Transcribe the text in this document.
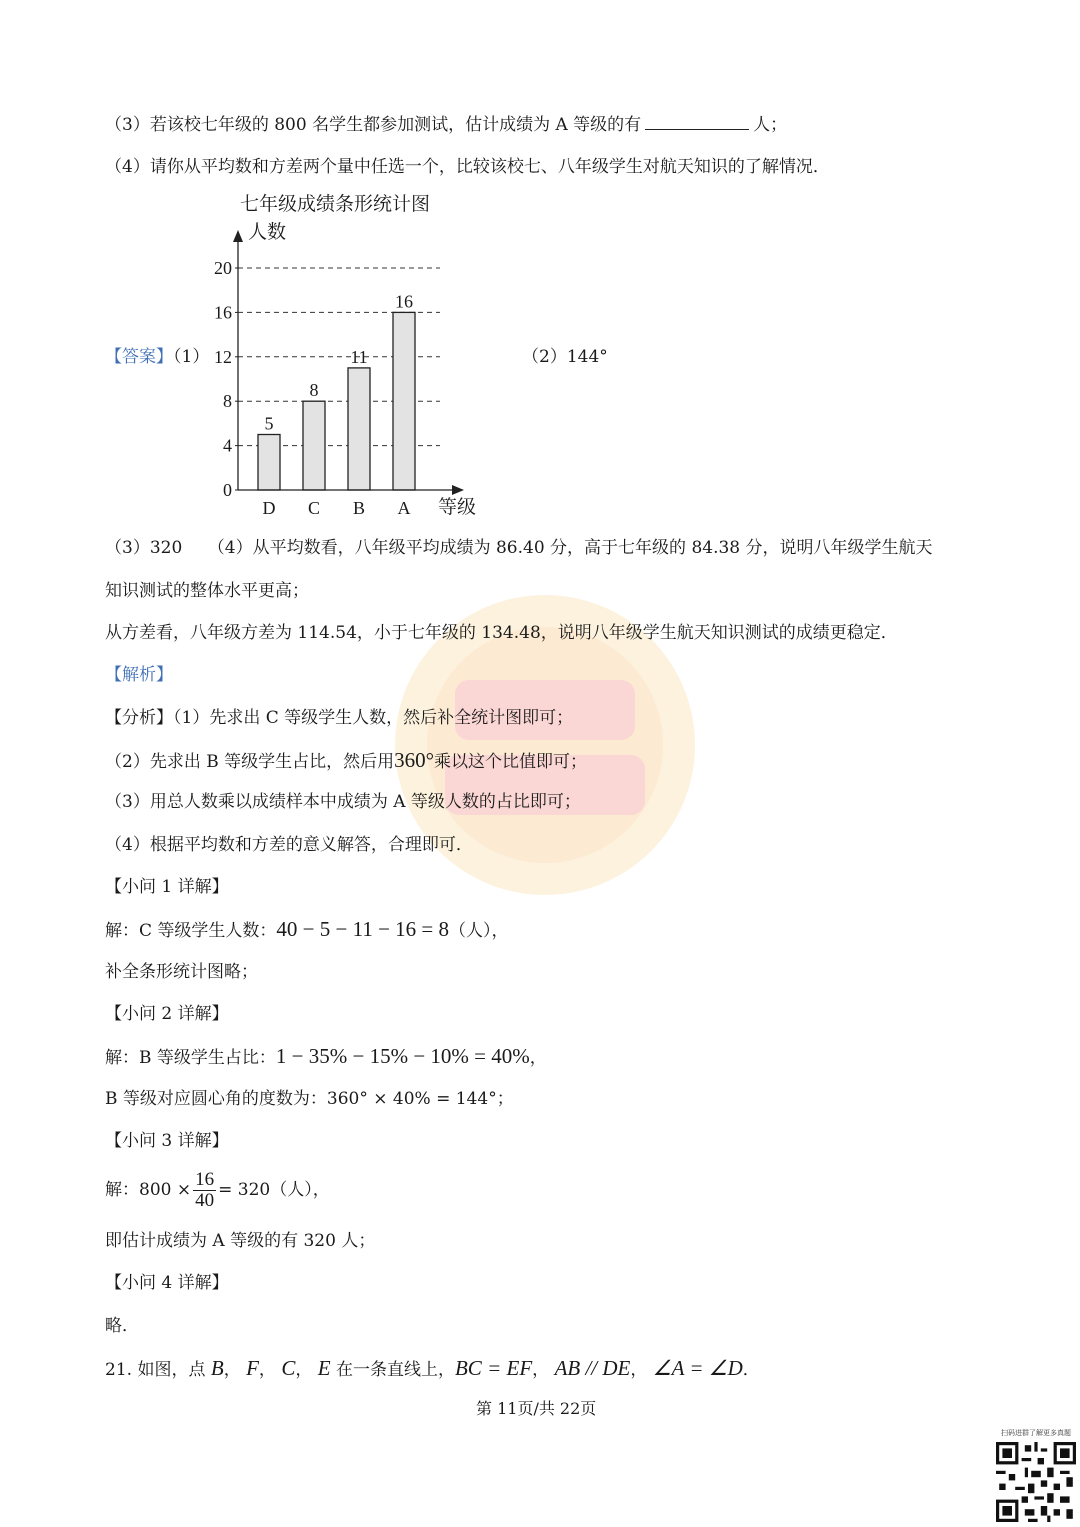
（3）若该校七年级的 800 名学生都参加测试，估计成绩为 A 等级的有	人；
（4）请你从平均数和方差两个量中任选一个，比较该校七、八年级学生对航天知识的了解情况．
【答案】（1）	（2）144°
七年级成绩条形统计图
人数
等级
5
8
11
16
0
4
8
12
16
20
D C B A
（3）320　　（4）从平均数看，八年级平均成绩为 86.40 分，高于七年级的 84.38 分，说明八年级学生航天
知识测试的整体水平更高；
从方差看，八年级方差为 114.54，小于七年级的 134.48，说明八年级学生航天知识测试的成绩更稳定．
【解析】
【分析】（1）先求出 C 等级学生人数，然后补全统计图即可；
（2）先求出 B 等级学生占比，然后用360°乘以这个比值即可；
（3）用总人数乘以成绩样本中成绩为 A 等级人数的占比即可；
（4）根据平均数和方差的意义解答，合理即可．
【小问 1 详解】
解：C 等级学生人数：40 − 5 − 11 − 16 = 8（人），
补全条形统计图略；
【小问 2 详解】
解：B 等级学生占比：1 − 35% − 15% − 10% = 40%，
B 等级对应圆心角的度数为：360° × 40% = 144°；
【小问 3 详解】
解：$800 \times \frac{16}{40} = 320$（人），
即估计成绩为 A 等级的有 320 人；
【小问 4 详解】
略．
21. 如图，点 B， F， C， E 在一条直线上，BC = EF， AB // DE， ∠A = ∠D．
第 11页/共 22页
扫码进群了解更多真题
